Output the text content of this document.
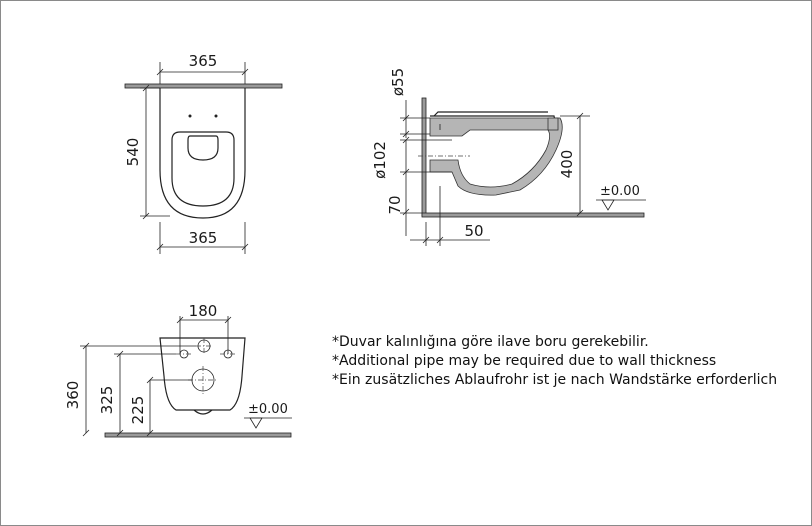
365
540
365
ø55
ø102
70
50
400
±0.00
180
360 325 225	±0.00
*Duvar kalınlığına göre ilave boru gerekebilir.
*Additional pipe may be required due to wall thickness
*Ein zusätzliches Ablaufrohr ist je nach Wandstärke erforderlich
